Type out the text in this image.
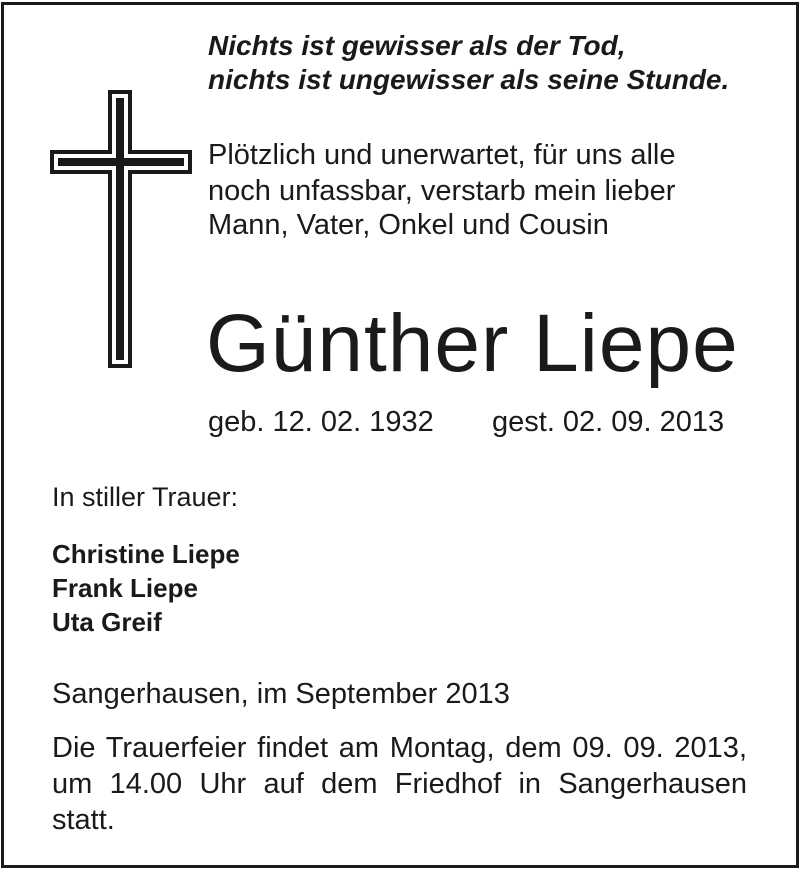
Nichts ist gewisser als der Tod,
nichts ist ungewisser als seine Stunde.
Plötzlich und unerwartet, für uns alle
noch unfassbar, verstarb mein lieber
Mann, Vater, Onkel und Cousin
Günther Liepe
geb. 12. 02. 1932 gest. 02. 09. 2013
In stiller Trauer:
Christine Liepe
Frank Liepe
Uta Greif
Sangerhausen, im September 2013
Die Trauerfeier findet am Montag, dem 09. 09. 2013,
um 14.00 Uhr auf dem Friedhof in Sangerhausen
statt.
